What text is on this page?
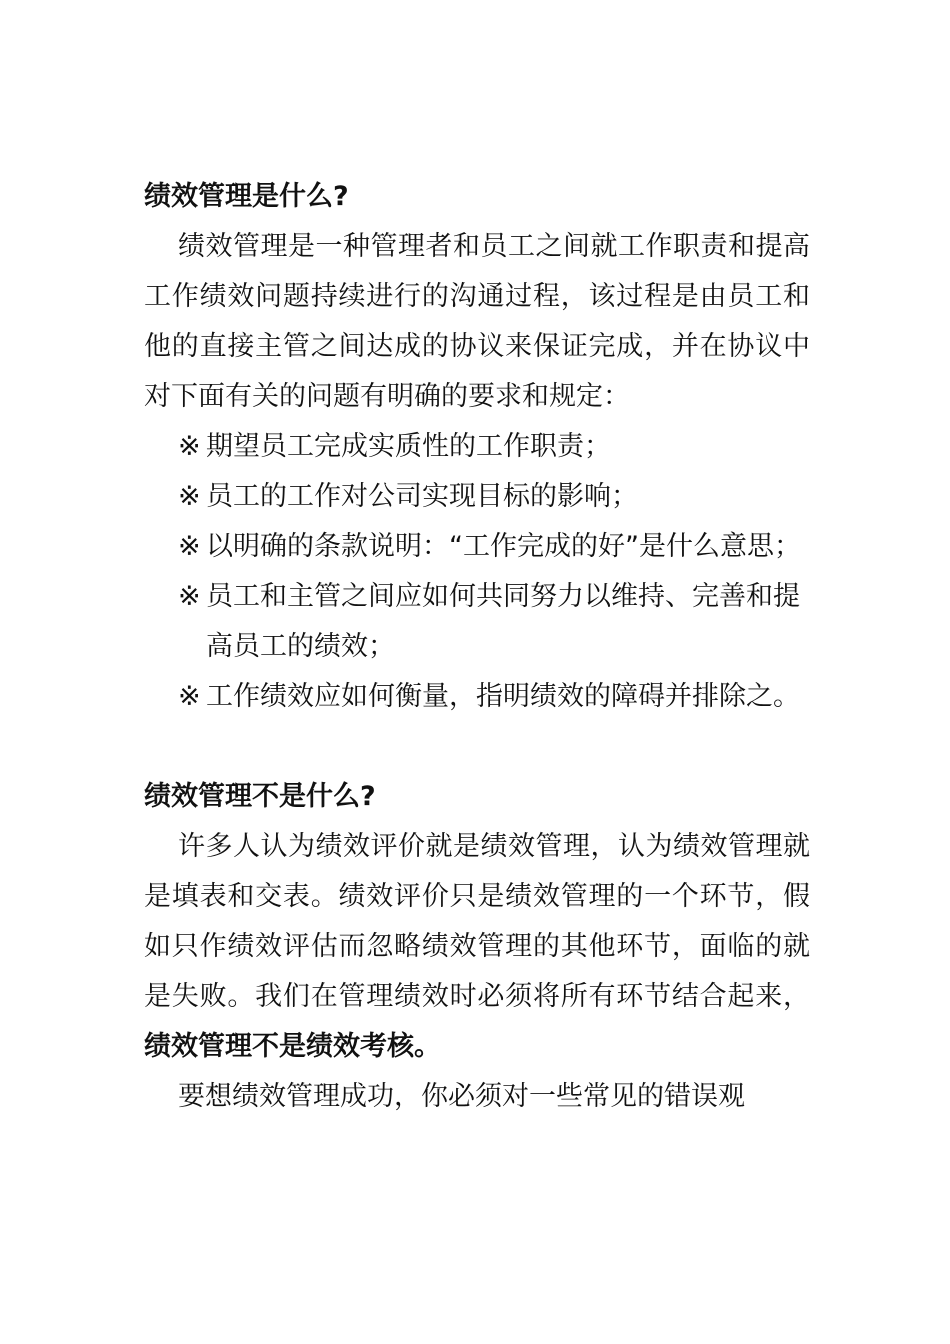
绩效管理是什么?

绩效管理是一种管理者和员工之间就工作职责和提高工作绩效问题持续进行的沟通过程，该过程是由员工和他的直接主管之间达成的协议来保证完成，并在协议中对下面有关的问题有明确的要求和规定：

※ 期望员工完成实质性的工作职责；
※ 员工的工作对公司实现目标的影响；
※ 以明确的条款说明：“工作完成的好”是什么意思；
※ 员工和主管之间应如何共同努力以维持、完善和提高员工的绩效；
※ 工作绩效应如何衡量，指明绩效的障碍并排除之。

绩效管理不是什么?

许多人认为绩效评价就是绩效管理，认为绩效管理就是填表和交表。绩效评价只是绩效管理的一个环节，假如只作绩效评估而忽略绩效管理的其他环节，面临的就是失败。我们在管理绩效时必须将所有环节结合起来，绩效管理不是绩效考核。

要想绩效管理成功，你必须对一些常见的错误观
